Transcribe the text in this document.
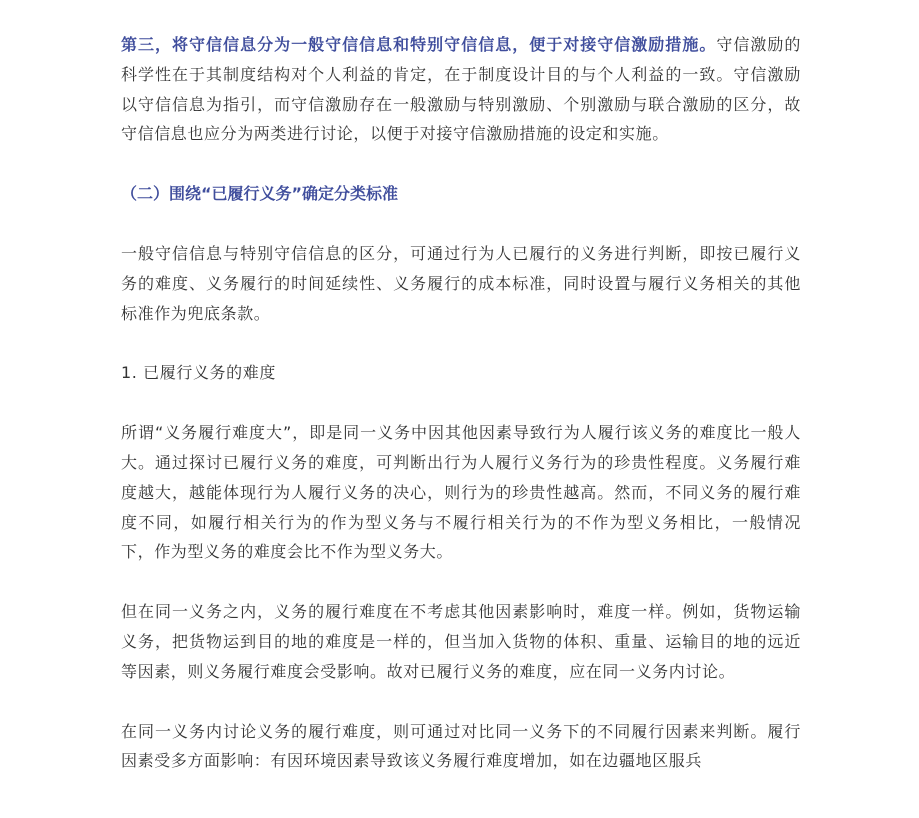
第三，将守信信息分为一般守信信息和特别守信信息，便于对接守信激励措施。守信激励的科学性在于其制度结构对个人利益的肯定，在于制度设计目的与个人利益的一致。守信激励以守信信息为指引，而守信激励存在一般激励与特别激励、个别激励与联合激励的区分，故守信信息也应分为两类进行讨论，以便于对接守信激励措施的设定和实施。

（二）围绕“已履行义务”确定分类标准

一般守信信息与特别守信信息的区分，可通过行为人已履行的义务进行判断，即按已履行义务的难度、义务履行的时间延续性、义务履行的成本标准，同时设置与履行义务相关的其他标准作为兜底条款。

1. 已履行义务的难度

所谓“义务履行难度大”，即是同一义务中因其他因素导致行为人履行该义务的难度比一般人大。通过探讨已履行义务的难度，可判断出行为人履行义务行为的珍贵性程度。义务履行难度越大，越能体现行为人履行义务的决心，则行为的珍贵性越高。然而，不同义务的履行难度不同，如履行相关行为的作为型义务与不履行相关行为的不作为型义务相比，一般情况下，作为型义务的难度会比不作为型义务大。

但在同一义务之内，义务的履行难度在不考虑其他因素影响时，难度一样。例如，货物运输义务，把货物运到目的地的难度是一样的，但当加入货物的体积、重量、运输目的地的远近等因素，则义务履行难度会受影响。故对已履行义务的难度，应在同一义务内讨论。

在同一义务内讨论义务的履行难度，则可通过对比同一义务下的不同履行因素来判断。履行因素受多方面影响：有因环境因素导致该义务履行难度增加，如在边疆地区服兵
